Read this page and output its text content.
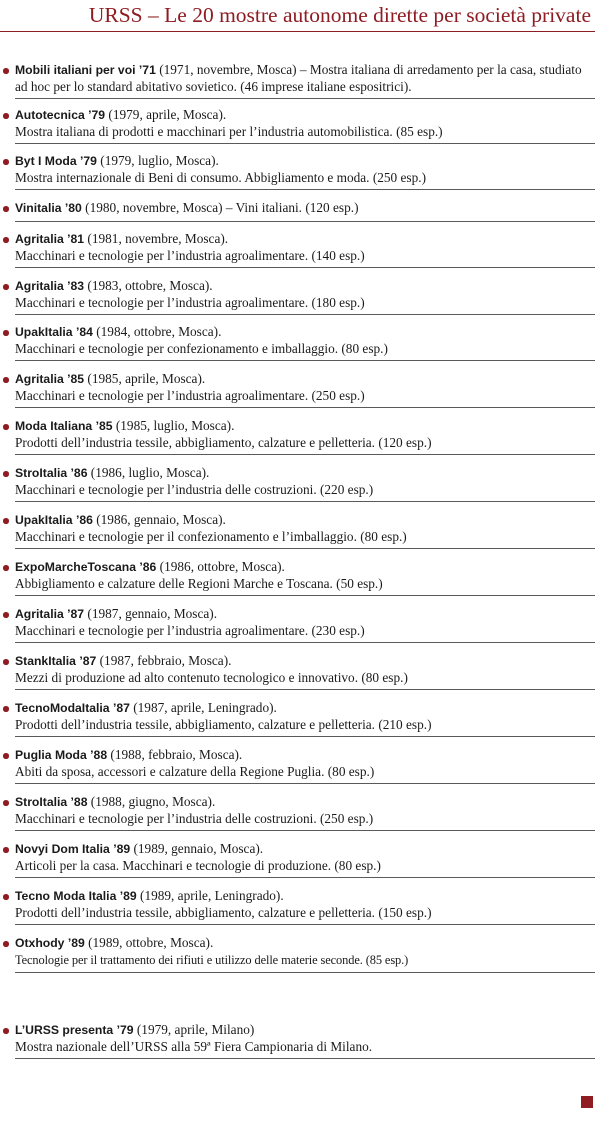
URSS – Le 20 mostre autonome dirette per società private
Mobili italiani per voi ’71 (1971, novembre, Mosca) – Mostra italiana di arredamento per la casa, studiato ad hoc per lo standard abitativo sovietico. (46 imprese italiane espositrici).
Autotecnica ’79 (1979, aprile, Mosca).
Mostra italiana di prodotti e macchinari per l’industria automobilistica. (85 esp.)
Byt I Moda ’79 (1979, luglio, Mosca).
Mostra internazionale di Beni di consumo. Abbigliamento e moda. (250 esp.)
Vinitalia ’80 (1980, novembre, Mosca) – Vini italiani. (120 esp.)
Agritalia ’81 (1981, novembre, Mosca).
Macchinari e tecnologie per l’industria agroalimentare. (140 esp.)
Agritalia ’83 (1983, ottobre, Mosca).
Macchinari e tecnologie per l’industria agroalimentare. (180 esp.)
UpakItalia ’84 (1984, ottobre, Mosca).
Macchinari e tecnologie per confezionamento e imballaggio. (80 esp.)
Agritalia ’85 (1985, aprile, Mosca).
Macchinari e tecnologie per l’industria agroalimentare. (250 esp.)
Moda Italiana ’85 (1985, luglio, Mosca).
Prodotti dell’industria tessile, abbigliamento, calzature e pelletteria. (120 esp.)
StroItalia ’86 (1986, luglio, Mosca).
Macchinari e tecnologie per l’industria delle costruzioni. (220 esp.)
UpakItalia ’86 (1986, gennaio, Mosca).
Macchinari e tecnologie per il confezionamento e l’imballaggio. (80 esp.)
ExpoMarcheToscana ’86 (1986, ottobre, Mosca).
Abbigliamento e calzature delle Regioni Marche e Toscana. (50 esp.)
Agritalia ’87 (1987, gennaio, Mosca).
Macchinari e tecnologie per l’industria agroalimentare. (230 esp.)
StankItalia ’87 (1987, febbraio, Mosca).
Mezzi di produzione ad alto contenuto tecnologico e innovativo. (80 esp.)
TecnoModaItalia ’87 (1987, aprile, Leningrado).
Prodotti dell’industria tessile, abbigliamento, calzature e pelletteria. (210 esp.)
Puglia Moda ’88 (1988, febbraio, Mosca).
Abiti da sposa, accessori e calzature della Regione Puglia. (80 esp.)
StroItalia ’88 (1988, giugno, Mosca).
Macchinari e tecnologie per l’industria delle costruzioni. (250 esp.)
Novyi Dom Italia ’89 (1989, gennaio, Mosca).
Articoli per la casa. Macchinari e tecnologie di produzione. (80 esp.)
Tecno Moda Italia ’89 (1989, aprile, Leningrado).
Prodotti dell’industria tessile, abbigliamento, calzature e pelletteria. (150 esp.)
Otxhody ’89 (1989, ottobre, Mosca).
Tecnologie per il trattamento dei rifiuti e utilizzo delle materie seconde. (85 esp.)
L’URSS presenta ’79 (1979, aprile, Milano)
Mostra nazionale dell’URSS alla 59ª Fiera Campionaria di Milano.
